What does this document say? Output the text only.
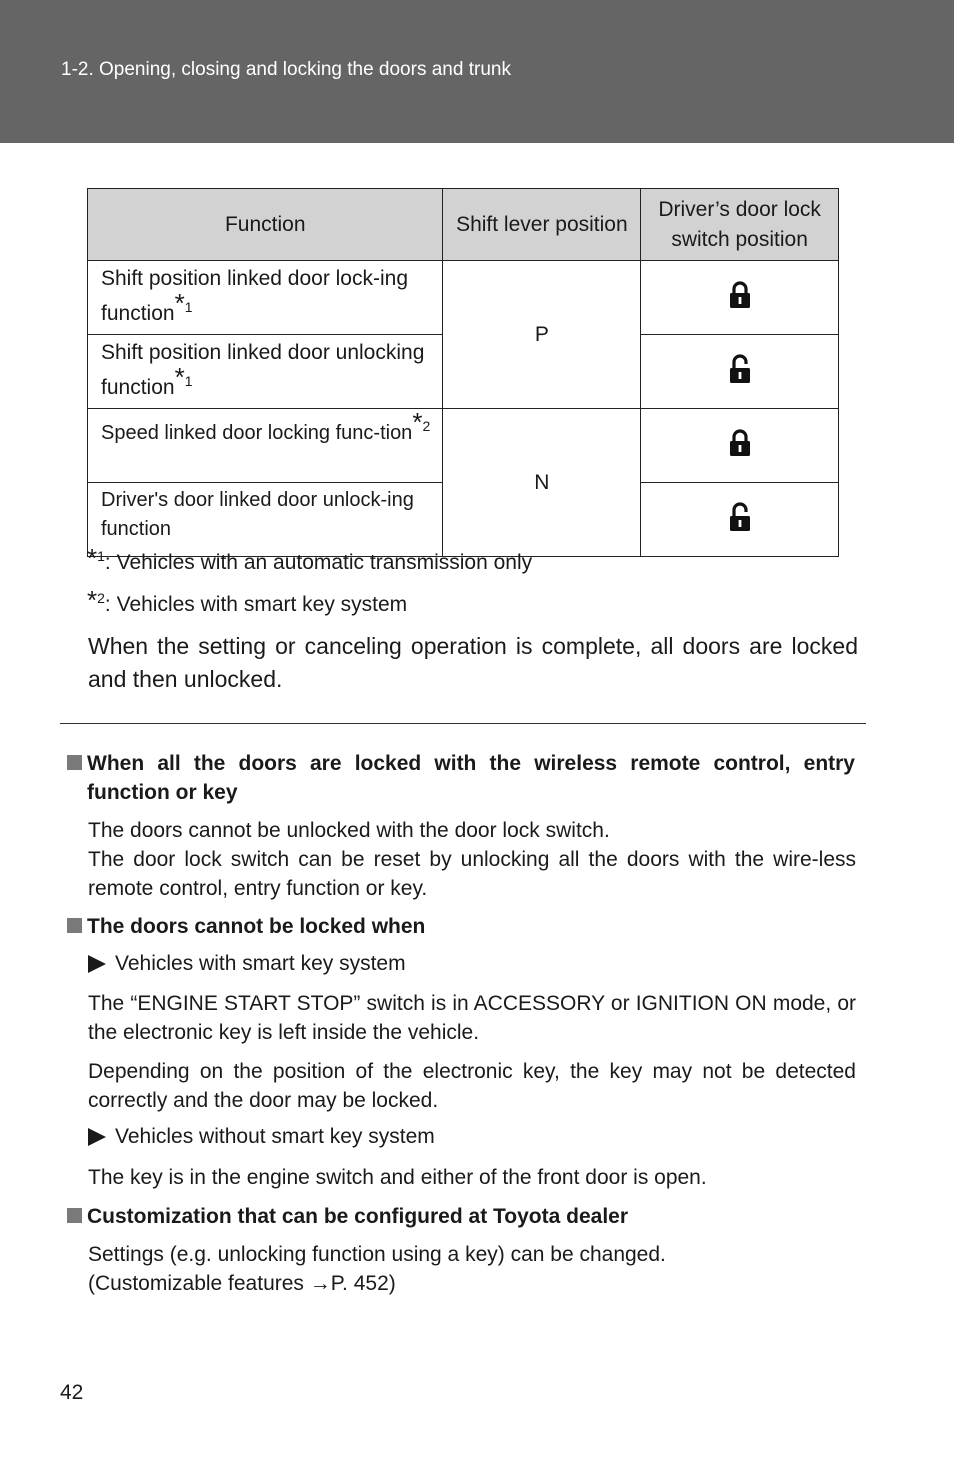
1-2. Opening, closing and locking the doors and trunk
Function	Shift lever position	Driver’s door lock switch position
Shift position linked door lock-ing function*$^1$	P	
Shift position linked door unlocking function*$^1$	
Speed linked door locking func-tion*$^2$	N	
Driver's door linked door unlock-ing function	
*$^1$: Vehicles with an automatic transmission only
*$^2$: Vehicles with smart key system
When the setting or canceling operation is complete, all doors are locked and then unlocked.
When all the doors are locked with the wireless remote control, entry function or key
The doors cannot be unlocked with the door lock switch.
The door lock switch can be reset by unlocking all the doors with the wire-less remote control, entry function or key.
The doors cannot be locked when
Vehicles with smart key system
The “ENGINE START STOP” switch is in ACCESSORY or IGNITION ON mode, or the electronic key is left inside the vehicle.
Depending on the position of the electronic key, the key may not be detected correctly and the door may be locked.
Vehicles without smart key system
The key is in the engine switch and either of the front door is open.
Customization that can be configured at Toyota dealer
Settings (e.g. unlocking function using a key) can be changed.
(Customizable features →P. 452)
42
